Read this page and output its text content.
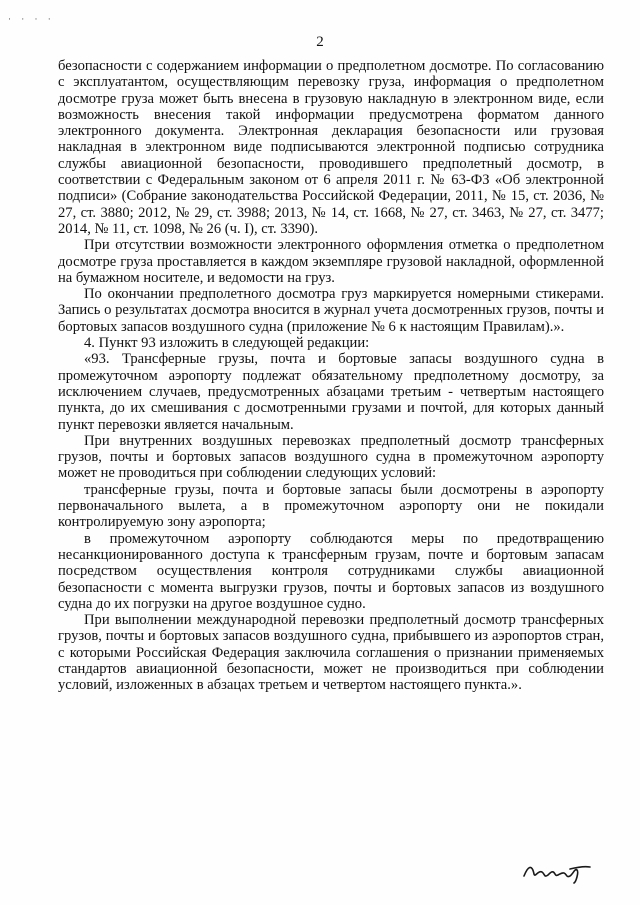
· · · ·
2

безопасности с содержанием информации о предполетном досмотре. По согласованию с эксплуатантом, осуществляющим перевозку груза, информация о предполетном досмотре груза может быть внесена в грузовую накладную в электронном виде, если возможность внесения такой информации предусмотрена форматом данного электронного документа. Электронная декларация безопасности или грузовая накладная в электронном виде подписываются электронной подписью сотрудника службы авиационной безопасности, проводившего предполетный досмотр, в соответствии с Федеральным законом от 6 апреля 2011 г. № 63-ФЗ «Об электронной подписи» (Собрание законодательства Российской Федерации, 2011, № 15, ст. 2036, № 27, ст. 3880; 2012, № 29, ст. 3988; 2013, № 14, ст. 1668, № 27, ст. 3463, № 27, ст. 3477; 2014, № 11, ст. 1098, № 26 (ч. I), ст. 3390).

При отсутствии возможности электронного оформления отметка о предполетном досмотре груза проставляется в каждом экземпляре грузовой накладной, оформленной на бумажном носителе, и ведомости на груз.

По окончании предполетного досмотра груз маркируется номерными стикерами. Запись о результатах досмотра вносится в журнал учета досмотренных грузов, почты и бортовых запасов воздушного судна (приложение № 6 к настоящим Правилам).».

4. Пункт 93 изложить в следующей редакции:

«93. Трансферные грузы, почта и бортовые запасы воздушного судна в промежуточном аэропорту подлежат обязательному предполетному досмотру, за исключением случаев, предусмотренных абзацами третьим - четвертым настоящего пункта, до их смешивания с досмотренными грузами и почтой, для которых данный пункт перевозки является начальным.

При внутренних воздушных перевозках предполетный досмотр трансферных грузов, почты и бортовых запасов воздушного судна в промежуточном аэропорту может не проводиться при соблюдении следующих условий:

трансферные грузы, почта и бортовые запасы были досмотрены в аэропорту первоначального вылета, а в промежуточном аэропорту они не покидали контролируемую зону аэропорта;

в промежуточном аэропорту соблюдаются меры по предотвращению несанкционированного доступа к трансферным грузам, почте и бортовым запасам посредством осуществления контроля сотрудниками службы авиационной безопасности с момента выгрузки грузов, почты и бортовых запасов из воздушного судна до их погрузки на другое воздушное судно.

При выполнении международной перевозки предполетный досмотр трансферных грузов, почты и бортовых запасов воздушного судна, прибывшего из аэропортов стран, с которыми Российская Федерация заключила соглашения о признании применяемых стандартов авиационной безопасности, может не производиться при соблюдении условий, изложенных в абзацах третьем и четвертом настоящего пункта.».
